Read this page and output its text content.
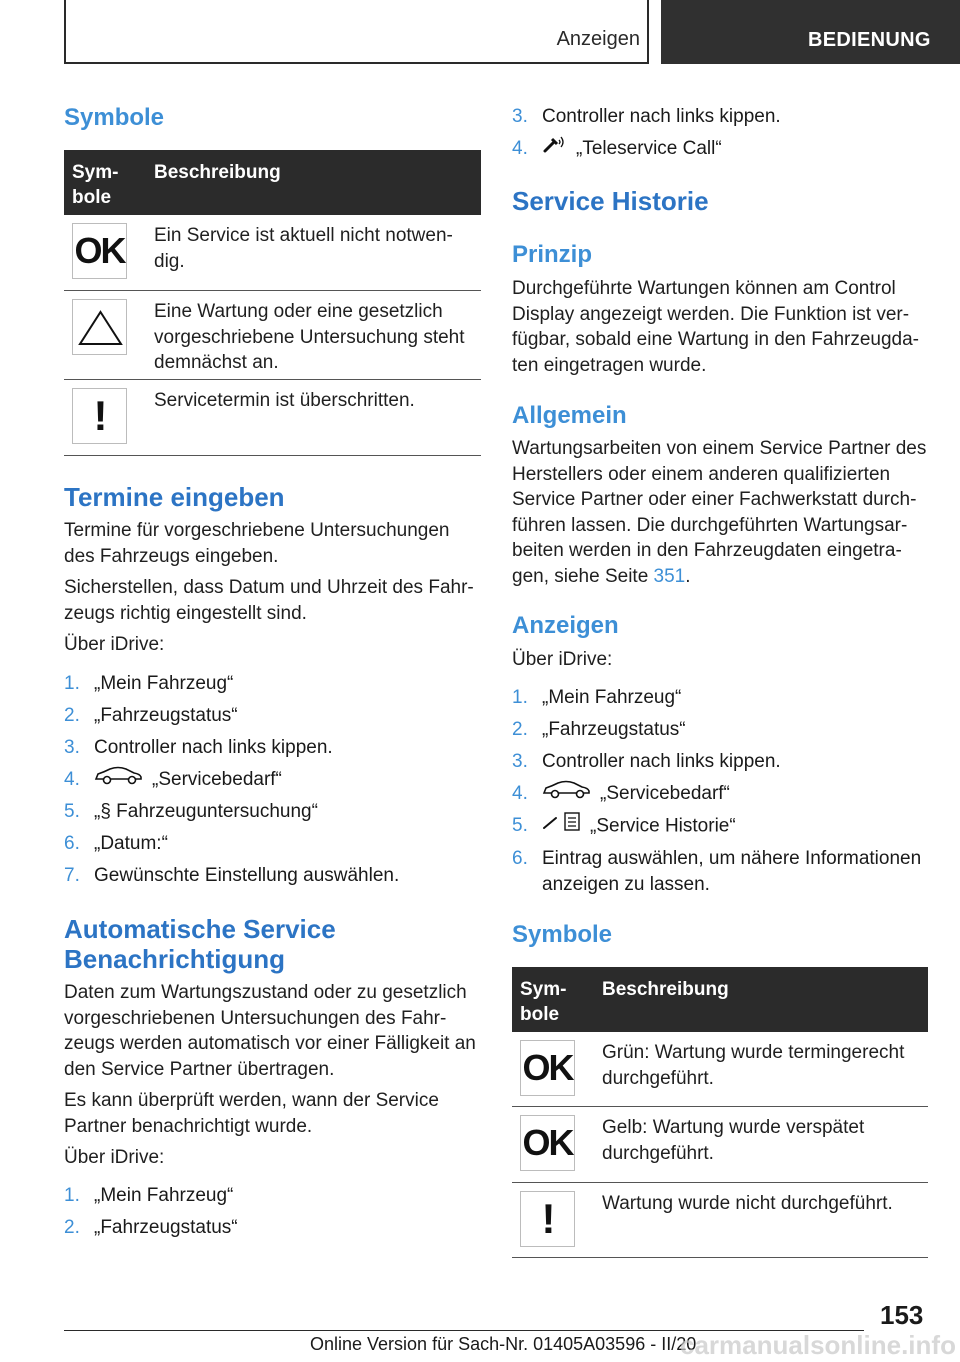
Anzeigen	BEDIENUNG
Symbole
Sym-
bole
Beschreibung
OK Ein Service ist aktuell nicht notwen-
dig.
Eine Wartung oder eine gesetzlich
vorgeschriebene Untersuchung steht
demnächst an.
!	Servicetermin ist überschritten.
Termine eingeben
Termine für vorgeschriebene Untersuchungen
des Fahrzeugs eingeben.
Sicherstellen, dass Datum und Uhrzeit des Fahr-
zeugs richtig eingestellt sind.
Über iDrive:
1. „Mein Fahrzeug“
2. „Fahrzeugstatus“
3. Controller nach links kippen.
4.	„Servicebedarf“
5. „§ Fahrzeuguntersuchung“
6. „Datum:“
7. Gewünschte Einstellung auswählen.
Automatische Service
Benachrichtigung
Daten zum Wartungszustand oder zu gesetzlich
vorgeschriebenen Untersuchungen des Fahr-
zeugs werden automatisch vor einer Fälligkeit an
den Service Partner übertragen.
Es kann überprüft werden, wann der Service
Partner benachrichtigt wurde.
Über iDrive:
1. „Mein Fahrzeug“
2. „Fahrzeugstatus“
3. Controller nach links kippen.
4.	„Teleservice Call“
Service Historie
Prinzip
Durchgeführte Wartungen können am Control
Display angezeigt werden. Die Funktion ist ver-
fügbar, sobald eine Wartung in den Fahrzeugda-
ten eingetragen wurde.
Allgemein
Wartungsarbeiten von einem Service Partner des
Herstellers oder einem anderen qualifizierten
Service Partner oder einer Fachwerkstatt durch-
führen lassen. Die durchgeführten Wartungsar-
beiten werden in den Fahrzeugdaten eingetra-
gen, siehe Seite 351.
Anzeigen
Über iDrive:
1. „Mein Fahrzeug“
2. „Fahrzeugstatus“
3. Controller nach links kippen.
4.	„Servicebedarf“
5.	„Service Historie“
6. Eintrag auswählen, um nähere Informationen
anzeigen zu lassen.
Symbole
Sym-
bole
Beschreibung
OK Grün: Wartung wurde termingerecht
durchgeführt.
OK Gelb: Wartung wurde verspätet
durchgeführt.
!	Wartung wurde nicht durchgeführt.
153
Online Version für Sach-Nr. 01405A03596 - II/20
carmanualsonline.info
